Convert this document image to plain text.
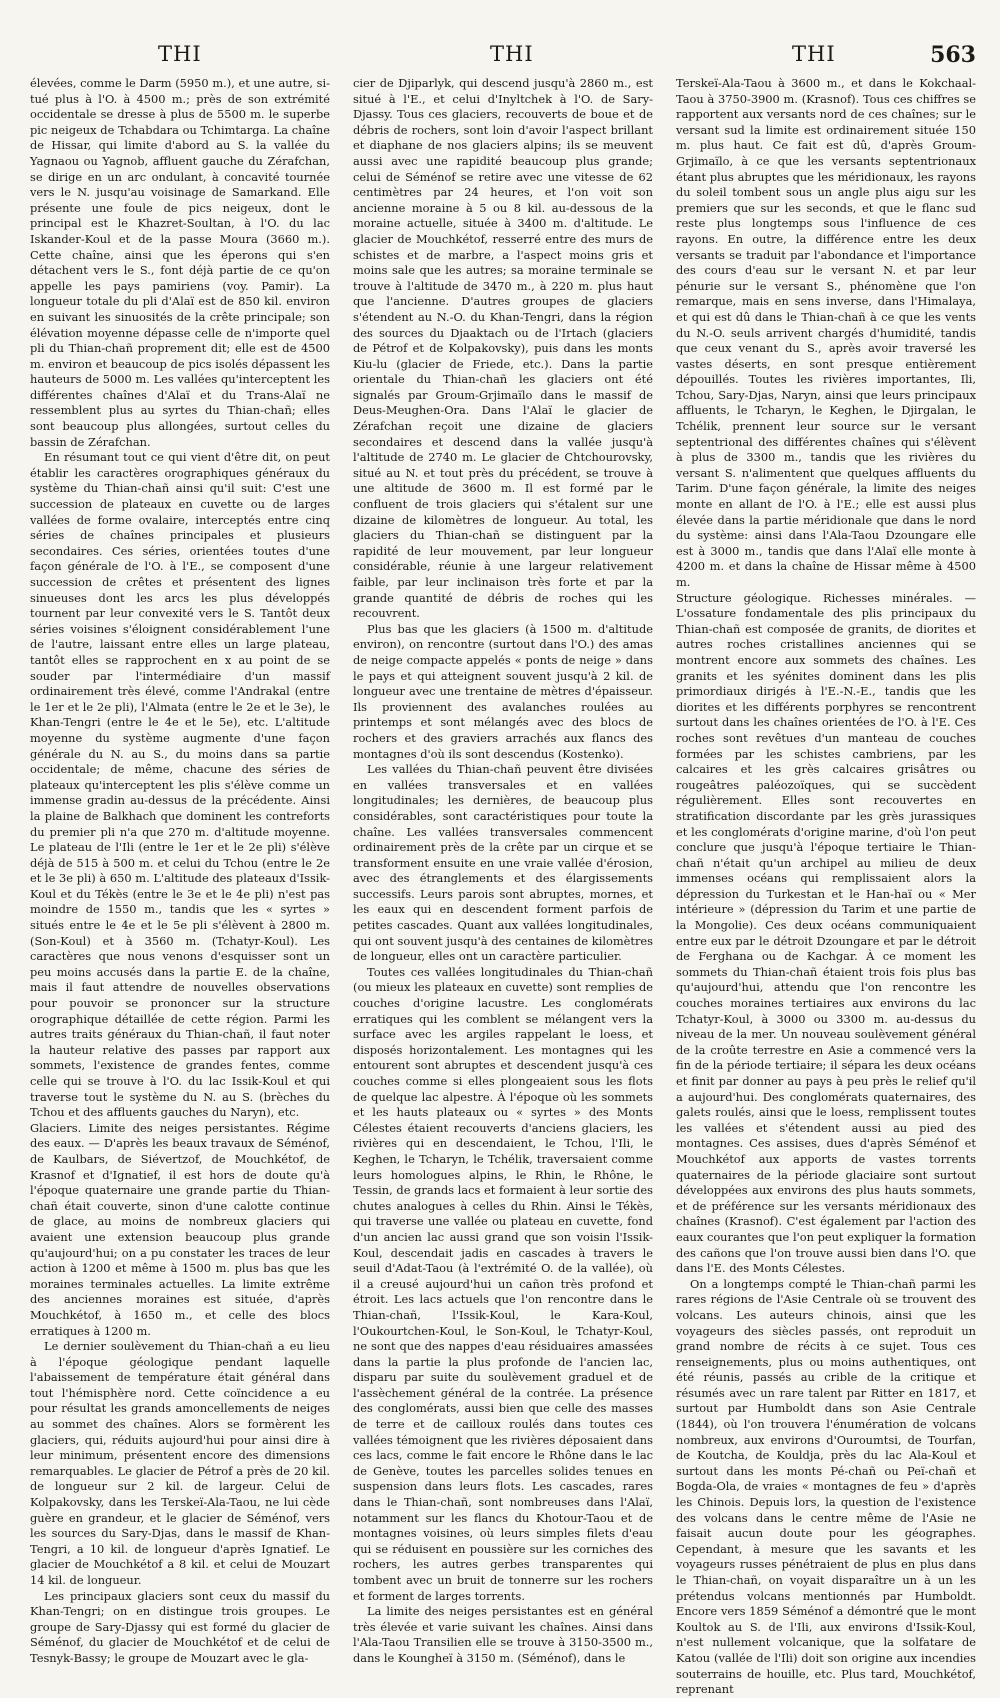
THI	THI	THI	563

élevées, comme le Darm (5950 m.), et une autre, si-tué plus à l'O. à 4500 m.; près de son extrémité occidentale se dresse à plus de 5500 m. le superbe pic neigeux de Tchabdara ou Tchimtarga. La chaîne de Hissar, qui limite d'abord au S. la vallée du Yagnaou ou Yagnob, affluent gauche du Zérafchan, se dirige en un arc ondulant, à concavité tournée vers le N. jusqu'au voisinage de Samarkand. Elle présente une foule de pics neigeux, dont le principal est le Khazret-Soultan, à l'O. du lac Iskander-Koul et de la passe Moura (3660 m.). Cette chaîne, ainsi que les éperons qui s'en détachent vers le S., font déjà partie de ce qu'on appelle les pays pamiriens (voy. Pamir). La longueur totale du pli d'Alaï est de 850 kil. environ en suivant les sinuosités de la crête principale; son élévation moyenne dépasse celle de n'importe quel pli du Thian-chañ proprement dit; elle est de 4500 m. environ et beaucoup de pics isolés dépassent les hauteurs de 5000 m. Les vallées qu'interceptent les différentes chaînes d'Alaï et du Trans-Alaï ne ressemblent plus au syrtes du Thian-chañ; elles sont beaucoup plus allongées, surtout celles du bassin de Zérafchan.

En résumant tout ce qui vient d'être dit, on peut établir les caractères orographiques généraux du système du Thian-chañ ainsi qu'il suit: C'est une succession de plateaux en cuvette ou de larges vallées de forme ovalaire, interceptés entre cinq séries de chaînes principales et plusieurs secondaires. Ces séries, orientées toutes d'une façon générale de l'O. à l'E., se composent d'une succession de crêtes et présentent des lignes sinueuses dont les arcs les plus développés tournent par leur convexité vers le S. Tantôt deux séries voisines s'éloignent considérablement l'une de l'autre, laissant entre elles un large plateau, tantôt elles se rapprochent en x au point de se souder par l'intermédiaire d'un massif ordinairement très élevé, comme l'Andrakal (entre le 1er et le 2e pli), l'Almata (entre le 2e et le 3e), le Khan-Tengri (entre le 4e et le 5e), etc. L'altitude moyenne du système augmente d'une façon générale du N. au S., du moins dans sa partie occidentale; de même, chacune des séries de plateaux qu'interceptent les plis s'élève comme un immense gradin au-dessus de la précédente. Ainsi la plaine de Balkhach que dominent les contreforts du premier pli n'a que 270 m. d'altitude moyenne. Le plateau de l'Ili (entre le 1er et le 2e pli) s'élève déjà de 515 à 500 m. et celui du Tchou (entre le 2e et le 3e pli) à 650 m. L'altitude des plateaux d'Issik-Koul et du Tékès (entre le 3e et le 4e pli) n'est pas moindre de 1550 m., tandis que les « syrtes » situés entre le 4e et le 5e pli s'élèvent à 2800 m. (Son-Koul) et à 3560 m. (Tchatyr-Koul). Les caractères que nous venons d'esquisser sont un peu moins accusés dans la partie E. de la chaîne, mais il faut attendre de nouvelles observations pour pouvoir se prononcer sur la structure orographique détaillée de cette région. Parmi les autres traits généraux du Thian-chañ, il faut noter la hauteur relative des passes par rapport aux sommets, l'existence de grandes fentes, comme celle qui se trouve à l'O. du lac Issik-Koul et qui traverse tout le système du N. au S. (brèches du Tchou et des affluents gauches du Naryn), etc.

Glaciers. Limite des neiges persistantes. Régime des eaux. — D'après les beaux travaux de Séménof, de Kaulbars, de Siévertzof, de Mouchkétof, de Krasnof et d'Ignatief, il est hors de doute qu'à l'époque quaternaire une grande partie du Thian-chañ était couverte, sinon d'une calotte continue de glace, au moins de nombreux glaciers qui avaient une extension beaucoup plus grande qu'aujourd'hui; on a pu constater les traces de leur action à 1200 et même à 1500 m. plus bas que les moraines terminales actuelles. La limite extrême des anciennes moraines est située, d'après Mouchkétof, à 1650 m., et celle des blocs erratiques à 1200 m.

Le dernier soulèvement du Thian-chañ a eu lieu à l'époque géologique pendant laquelle l'abaissement de température était général dans tout l'hémisphère nord. Cette coïncidence a eu pour résultat les grands amoncellements de neiges au sommet des chaînes. Alors se formèrent les glaciers, qui, réduits aujourd'hui pour ainsi dire à leur minimum, présentent encore des dimensions remarquables. Le glacier de Pétrof a près de 20 kil. de longueur sur 2 kil. de largeur. Celui de Kolpakovsky, dans les Terskeï-Ala-Taou, ne lui cède guère en grandeur, et le glacier de Séménof, vers les sources du Sary-Djas, dans le massif de Khan-Tengri, a 10 kil. de longueur d'après Ignatief. Le glacier de Mouchkétof a 8 kil. et celui de Mouzart 14 kil. de longueur.

Les principaux glaciers sont ceux du massif du Khan-Tengri; on en distingue trois groupes. Le groupe de Sary-Djassy qui est formé du glacier de Séménof, du glacier de Mouchkétof et de celui de Tesnyk-Bassy; le groupe de Mouzart avec le gla-

cier de Djiparlyk, qui descend jusqu'à 2860 m., est situé à l'E., et celui d'Inyltchek à l'O. de Sary-Djassy. Tous ces glaciers, recouverts de boue et de débris de rochers, sont loin d'avoir l'aspect brillant et diaphane de nos glaciers alpins; ils se meuvent aussi avec une rapidité beaucoup plus grande; celui de Séménof se retire avec une vitesse de 62 centimètres par 24 heures, et l'on voit son ancienne moraine à 5 ou 8 kil. au-dessous de la moraine actuelle, située à 3400 m. d'altitude. Le glacier de Mouchkétof, resserré entre des murs de schistes et de marbre, a l'aspect moins gris et moins sale que les autres; sa moraine terminale se trouve à l'altitude de 3470 m., à 220 m. plus haut que l'ancienne. D'autres groupes de glaciers s'étendent au N.-O. du Khan-Tengri, dans la région des sources du Djaaktach ou de l'Irtach (glaciers de Pétrof et de Kolpakovsky), puis dans les monts Kiu-lu (glacier de Friede, etc.). Dans la partie orientale du Thian-chañ les glaciers ont été signalés par Groum-Grjimaïlo dans le massif de Deus-Meughen-Ora. Dans l'Alaï le glacier de Zérafchan reçoit une dizaine de glaciers secondaires et descend dans la vallée jusqu'à l'altitude de 2740 m. Le glacier de Chtchourovsky, situé au N. et tout près du précédent, se trouve à une altitude de 3600 m. Il est formé par le confluent de trois glaciers qui s'étalent sur une dizaine de kilomètres de longueur. Au total, les glaciers du Thian-chañ se distinguent par la rapidité de leur mouvement, par leur longueur considérable, réunie à une largeur relativement faible, par leur inclinaison très forte et par la grande quantité de débris de roches qui les recouvrent.

Plus bas que les glaciers (à 1500 m. d'altitude environ), on rencontre (surtout dans l'O.) des amas de neige compacte appelés « ponts de neige » dans le pays et qui atteignent souvent jusqu'à 2 kil. de longueur avec une trentaine de mètres d'épaisseur. Ils proviennent des avalanches roulées au printemps et sont mélangés avec des blocs de rochers et des graviers arrachés aux flancs des montagnes d'où ils sont descendus (Kostenko).

Les vallées du Thian-chañ peuvent être divisées en vallées transversales et en vallées longitudinales; les dernières, de beaucoup plus considérables, sont caractéristiques pour toute la chaîne. Les vallées transversales commencent ordinairement près de la crête par un cirque et se transforment ensuite en une vraie vallée d'érosion, avec des étranglements et des élargissements successifs. Leurs parois sont abruptes, mornes, et les eaux qui en descendent forment parfois de petites cascades. Quant aux vallées longitudinales, qui ont souvent jusqu'à des centaines de kilomètres de longueur, elles ont un caractère particulier.

Toutes ces vallées longitudinales du Thian-chañ (ou mieux les plateaux en cuvette) sont remplies de couches d'origine lacustre. Les conglomérats erratiques qui les comblent se mélangent vers la surface avec les argiles rappelant le loess, et disposés horizontalement. Les montagnes qui les entourent sont abruptes et descendent jusqu'à ces couches comme si elles plongeaient sous les flots de quelque lac alpestre. À l'époque où les sommets et les hauts plateaux ou « syrtes » des Monts Célestes étaient recouverts d'anciens glaciers, les rivières qui en descendaient, le Tchou, l'Ili, le Keghen, le Tcharyn, le Tchélik, traversaient comme leurs homologues alpins, le Rhin, le Rhône, le Tessin, de grands lacs et formaient à leur sortie des chutes analogues à celles du Rhin. Ainsi le Tékès, qui traverse une vallée ou plateau en cuvette, fond d'un ancien lac aussi grand que son voisin l'Issik-Koul, descendait jadis en cascades à travers le seuil d'Adat-Taou (à l'extrémité O. de la vallée), où il a creusé aujourd'hui un cañon très profond et étroit. Les lacs actuels que l'on rencontre dans le Thian-chañ, l'Issik-Koul, le Kara-Koul, l'Oukourtchen-Koul, le Son-Koul, le Tchatyr-Koul, ne sont que des nappes d'eau résiduaires amassées dans la partie la plus profonde de l'ancien lac, disparu par suite du soulèvement graduel et de l'assèchement général de la contrée. La présence des conglomérats, aussi bien que celle des masses de terre et de cailloux roulés dans toutes ces vallées témoignent que les rivières déposaient dans ces lacs, comme le fait encore le Rhône dans le lac de Genève, toutes les parcelles solides tenues en suspension dans leurs flots. Les cascades, rares dans le Thian-chañ, sont nombreuses dans l'Alaï, notamment sur les flancs du Khotour-Taou et de montagnes voisines, où leurs simples filets d'eau qui se réduisent en poussière sur les corniches des rochers, les autres gerbes transparentes qui tombent avec un bruit de tonnerre sur les rochers et forment de larges torrents.

La limite des neiges persistantes est en général très élevée et varie suivant les chaînes. Ainsi dans l'Ala-Taou Transilien elle se trouve à 3150-3500 m., dans le Koungheï à 3150 m. (Séménof), dans le

Terskeï-Ala-Taou à 3600 m., et dans le Kokchaal-Taou à 3750-3900 m. (Krasnof). Tous ces chiffres se rapportent aux versants nord de ces chaînes; sur le versant sud la limite est ordinairement située 150 m. plus haut. Ce fait est dû, d'après Groum-Grjimaïlo, à ce que les versants septentrionaux étant plus abruptes que les méridionaux, les rayons du soleil tombent sous un angle plus aigu sur les premiers que sur les seconds, et que le flanc sud reste plus longtemps sous l'influence de ces rayons. En outre, la différence entre les deux versants se traduit par l'abondance et l'importance des cours d'eau sur le versant N. et par leur pénurie sur le versant S., phénomène que l'on remarque, mais en sens inverse, dans l'Himalaya, et qui est dû dans le Thian-chañ à ce que les vents du N.-O. seuls arrivent chargés d'humidité, tandis que ceux venant du S., après avoir traversé les vastes déserts, en sont presque entièrement dépouillés. Toutes les rivières importantes, Ili, Tchou, Sary-Djas, Naryn, ainsi que leurs principaux affluents, le Tcharyn, le Keghen, le Djirgalan, le Tchélik, prennent leur source sur le versant septentrional des différentes chaînes qui s'élèvent à plus de 3300 m., tandis que les rivières du versant S. n'alimentent que quelques affluents du Tarim. D'une façon générale, la limite des neiges monte en allant de l'O. à l'E.; elle est aussi plus élevée dans la partie méridionale que dans le nord du système: ainsi dans l'Ala-Taou Dzoungare elle est à 3000 m., tandis que dans l'Alaï elle monte à 4200 m. et dans la chaîne de Hissar même à 4500 m.

Structure géologique. Richesses minérales. — L'ossature fondamentale des plis principaux du Thian-chañ est composée de granits, de diorites et autres roches cristallines anciennes qui se montrent encore aux sommets des chaînes. Les granits et les syénites dominent dans les plis primordiaux dirigés à l'E.-N.-E., tandis que les diorites et les différents porphyres se rencontrent surtout dans les chaînes orientées de l'O. à l'E. Ces roches sont revêtues d'un manteau de couches formées par les schistes cambriens, par les calcaires et les grès calcaires grisâtres ou rougeâtres paléozoïques, qui se succèdent régulièrement. Elles sont recouvertes en stratification discordante par les grès jurassiques et les conglomérats d'origine marine, d'où l'on peut conclure que jusqu'à l'époque tertiaire le Thian-chañ n'était qu'un archipel au milieu de deux immenses océans qui remplissaient alors la dépression du Turkestan et le Han-haï ou « Mer intérieure » (dépression du Tarim et une partie de la Mongolie). Ces deux océans communiquaient entre eux par le détroit Dzoungare et par le détroit de Ferghana ou de Kachgar. À ce moment les sommets du Thian-chañ étaient trois fois plus bas qu'aujourd'hui, attendu que l'on rencontre les couches moraines tertiaires aux environs du lac Tchatyr-Koul, à 3000 ou 3300 m. au-dessus du niveau de la mer. Un nouveau soulèvement général de la croûte terrestre en Asie a commencé vers la fin de la période tertiaire; il sépara les deux océans et finit par donner au pays à peu près le relief qu'il a aujourd'hui. Des conglomérats quaternaires, des galets roulés, ainsi que le loess, remplissent toutes les vallées et s'étendent aussi au pied des montagnes. Ces assises, dues d'après Séménof et Mouchkétof aux apports de vastes torrents quaternaires de la période glaciaire sont surtout développées aux environs des plus hauts sommets, et de préférence sur les versants méridionaux des chaînes (Krasnof). C'est également par l'action des eaux courantes que l'on peut expliquer la formation des cañons que l'on trouve aussi bien dans l'O. que dans l'E. des Monts Célestes.

On a longtemps compté le Thian-chañ parmi les rares régions de l'Asie Centrale où se trouvent des volcans. Les auteurs chinois, ainsi que les voyageurs des siècles passés, ont reproduit un grand nombre de récits à ce sujet. Tous ces renseignements, plus ou moins authentiques, ont été réunis, passés au crible de la critique et résumés avec un rare talent par Ritter en 1817, et surtout par Humboldt dans son Asie Centrale (1844), où l'on trouvera l'énumération de volcans nombreux, aux environs d'Ouroumtsi, de Tourfan, de Koutcha, de Kouldja, près du lac Ala-Koul et surtout dans les monts Pé-chañ ou Peï-chañ et Bogda-Ola, de vraies « montagnes de feu » d'après les Chinois. Depuis lors, la question de l'existence des volcans dans le centre même de l'Asie ne faisait aucun doute pour les géographes. Cependant, à mesure que les savants et les voyageurs russes pénétraient de plus en plus dans le Thian-chañ, on voyait disparaître un à un les prétendus volcans mentionnés par Humboldt. Encore vers 1859 Séménof a démontré que le mont Koultok au S. de l'Ili, aux environs d'Issik-Koul, n'est nullement volcanique, que la solfatare de Katou (vallée de l'Ili) doit son origine aux incendies souterrains de houille, etc. Plus tard, Mouchkétof, reprenant
